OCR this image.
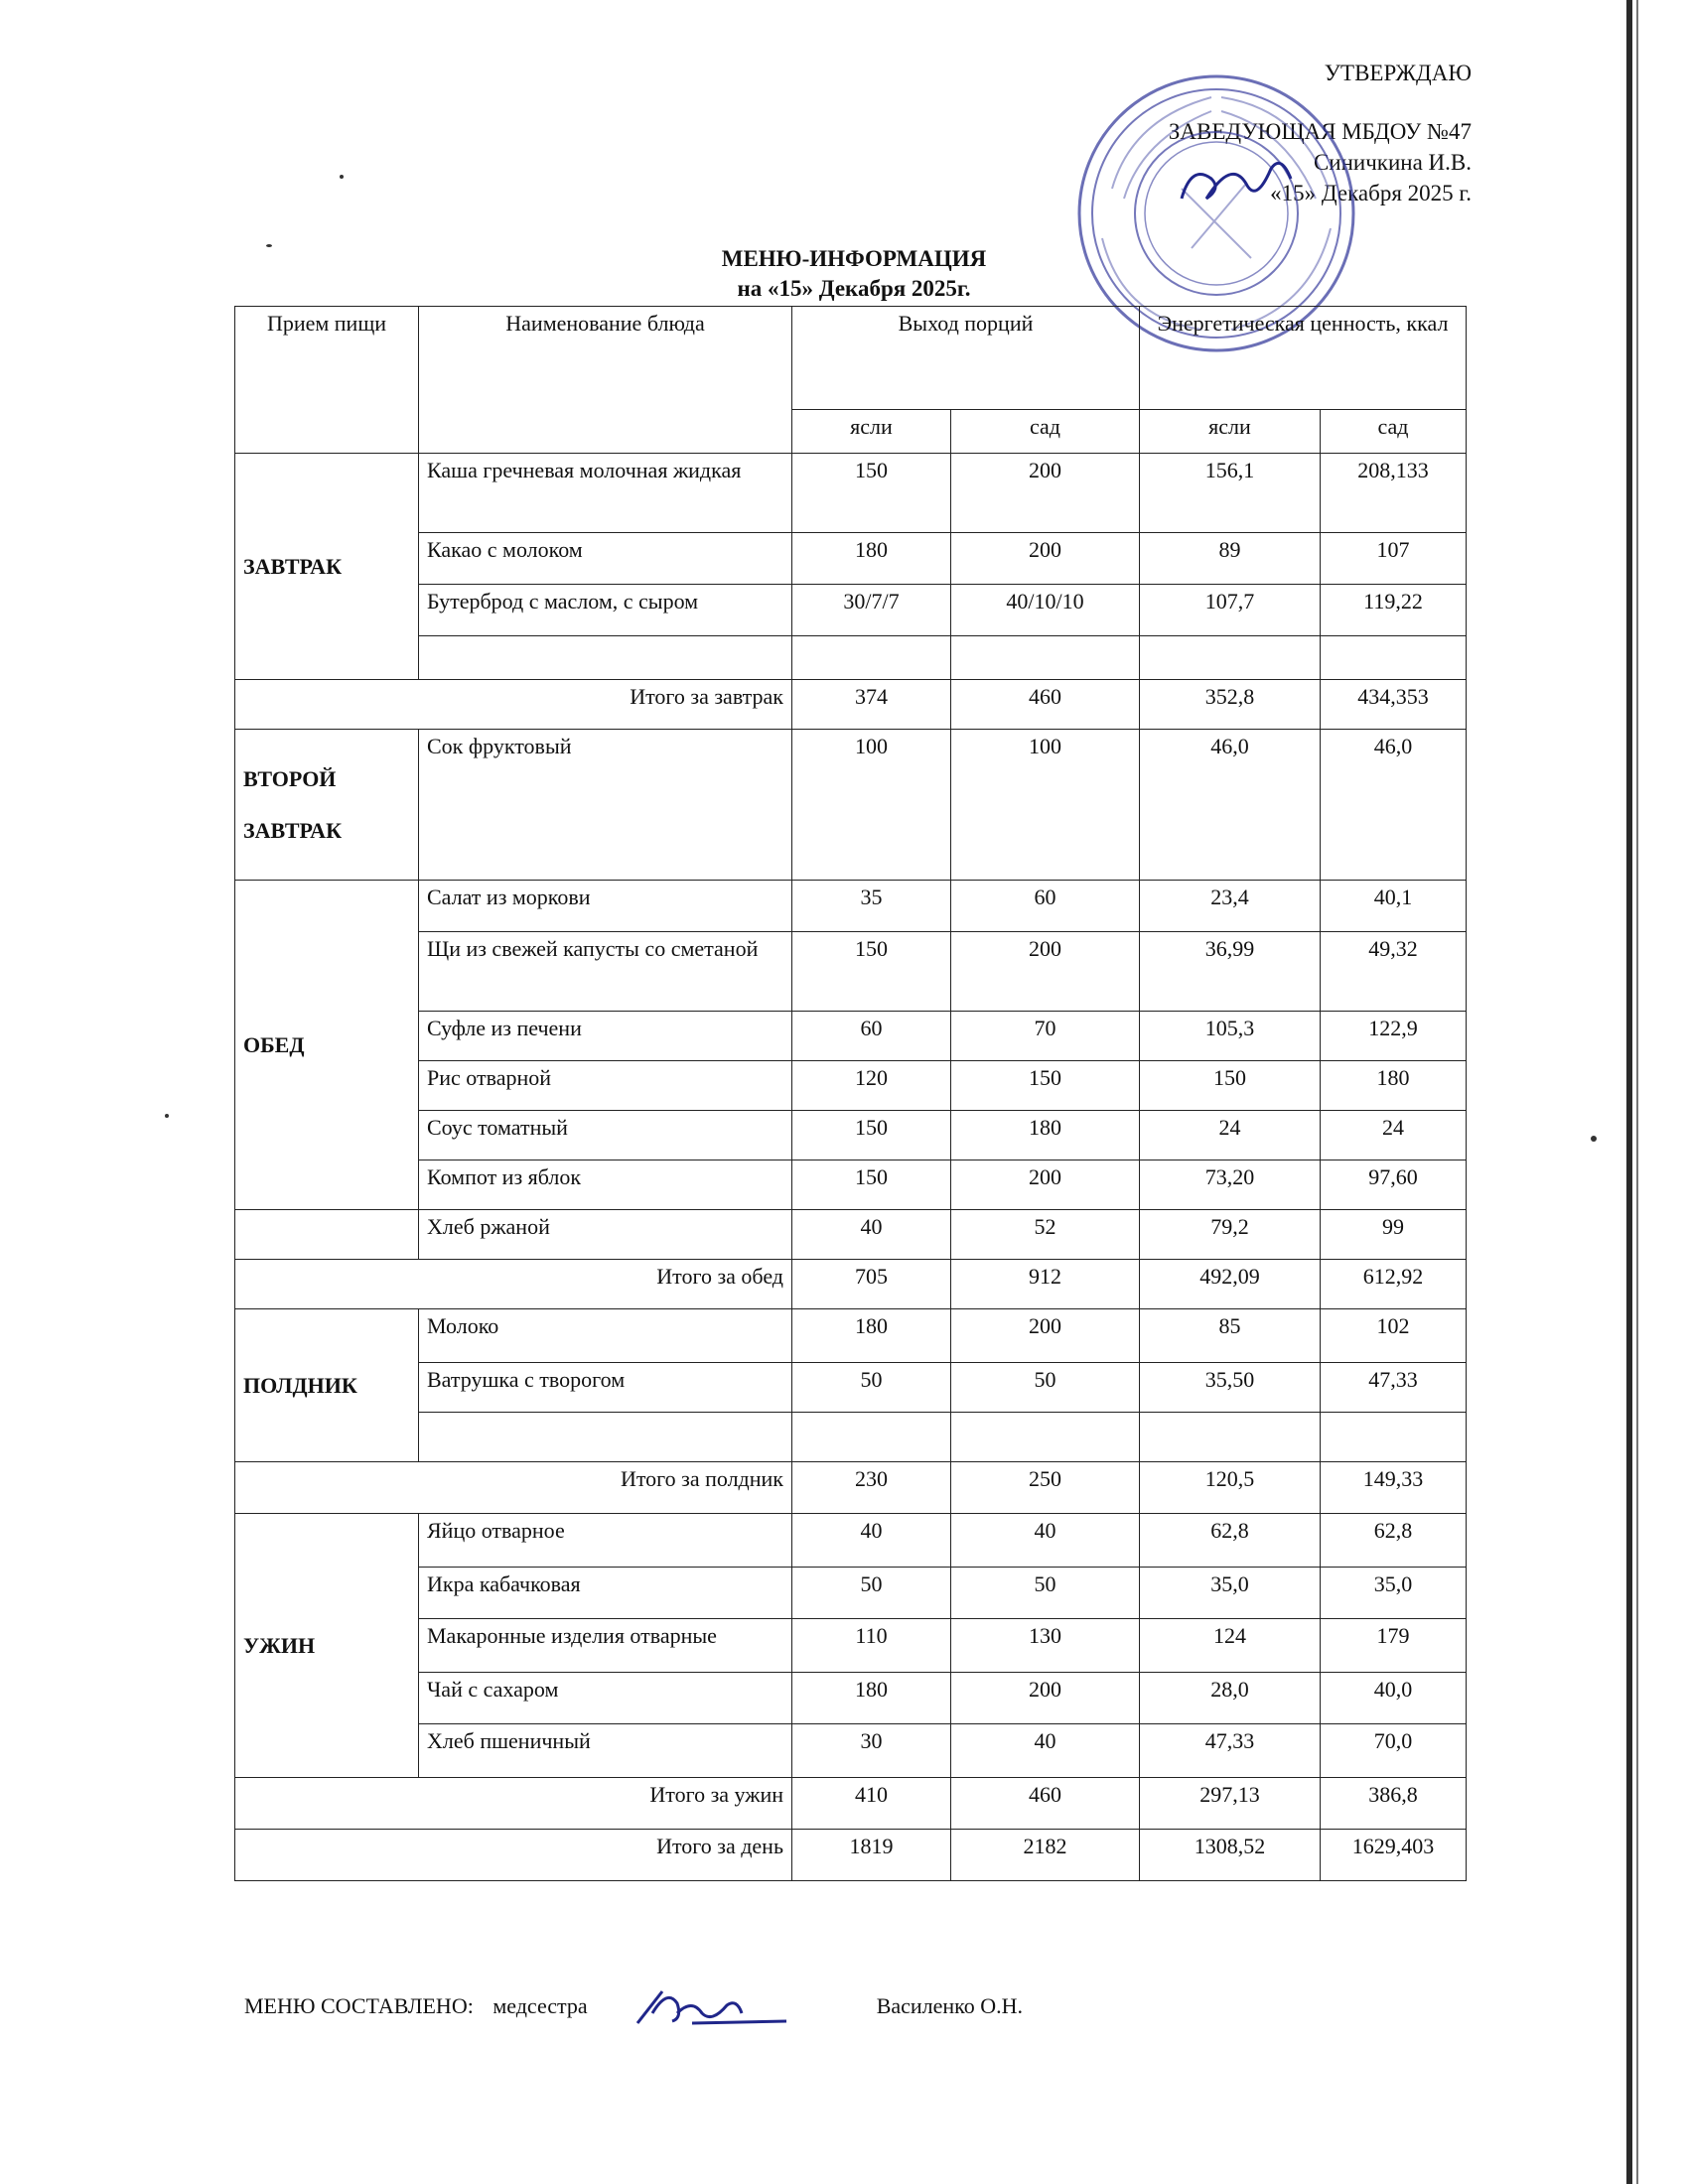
УТВЕРЖДАЮ
ЗАВЕДУЮЩАЯ МБДОУ №47
Синичкина И.В.
«15» Декабря 2025 г.
МЕНЮ-ИНФОРМАЦИЯ
на «15» Декабря 2025г.
Прием пищи	Наименование блюда	Выход порций		Энергетическая ценность, ккал	
		ясли	сад	ясли	сад
ЗАВТРАК	Каша гречневая молочная жидкая	150	200	156,1	208,133
	Какао с молоком	180	200	89	107
	Бутерброд с маслом, с сыром	30/7/7	40/10/10	107,7	119,22

Итого за завтрак		374	460	352,8	434,353
ВТОРОЙ ЗАВТРАК	Сок фруктовый	100	100	46,0	46,0
ОБЕД	Салат из моркови	35	60	23,4	40,1
	Щи из свежей капусты со сметаной	150	200	36,99	49,32
	Суфле из печени	60	70	105,3	122,9
	Рис отварной	120	150	150	180
	Соус томатный	150	180	24	24
	Компот из яблок	150	200	73,20	97,60
	Хлеб ржаной	40	52	79,2	99
Итого за обед		705	912	492,09	612,92
ПОЛДНИК	Молоко	180	200	85	102
	Ватрушка с творогом	50	50	35,50	47,33

Итого за полдник		230	250	120,5	149,33
УЖИН	Яйцо отварное	40	40	62,8	62,8
	Икра кабачковая	50	50	35,0	35,0
	Макаронные изделия отварные	110	130	124	179
	Чай с сахаром	180	200	28,0	40,0
	Хлеб пшеничный	30	40	47,33	70,0
Итого за ужин		410	460	297,13	386,8
Итого за день		1819	2182	1308,52	1629,403
МЕНЮ СОСТАВЛЕНО: медсестра	Василенко О.Н.
